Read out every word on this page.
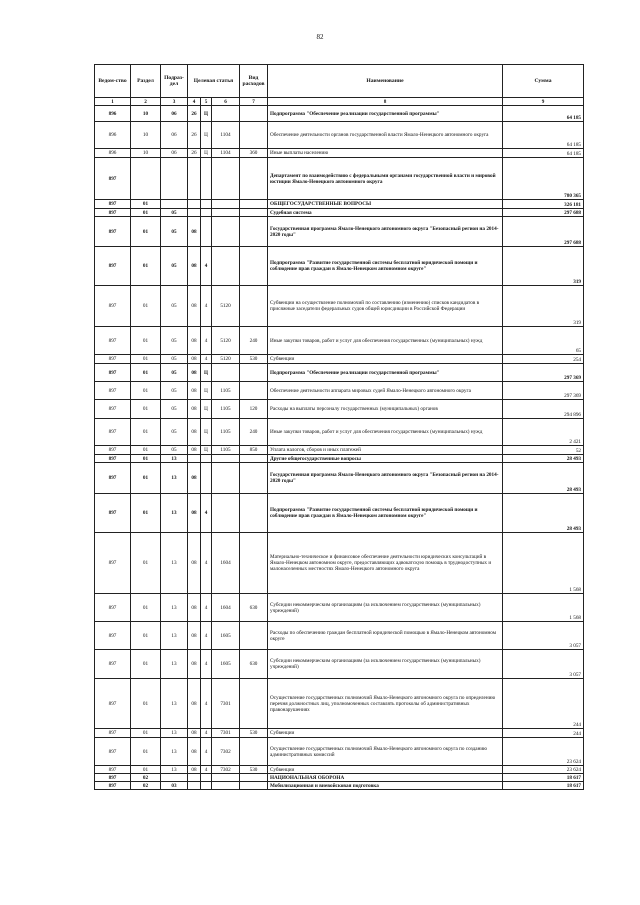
82
Ведом-ство	Раздел	Подраз-дел	Целевая статья			Вид расходов	Наименование	Сумма
1	2	3	4	5	6	7	8	9
896	10	06	26	Ц			Подпрограмма "Обеспечение реализации государственной программы"	64 185
896	10	06	26	Ц	1104		Обеспечение деятельности органов государственной власти Ямало-Ненецкого автономного округа	64 185
896	10	06	26	Ц	1104	360	Иные выплаты населению	64 185
897							Департамент по взаимодействию с федеральными органами государственной власти и мировой юстиции Ямало-Ненецкого автономного округа	780 365
897	01						ОБЩЕГОСУДАРСТВЕННЫЕ ВОПРОСЫ	326 181
897	01	05					Судебная система	297 688
897	01	05	08				Государственная программа Ямало-Ненецкого автономного округа "Безопасный регион на 2014-2020 годы"	297 688
897	01	05	08	4			Подпрограмма "Развитие государственной системы бесплатной юридической помощи и соблюдение прав граждан в Ямало-Ненецком автономном округе"	319
897	01	05	08	4	5120		Субвенции на осуществление полномочий по составлению (изменению) списков кандидатов в присяжные заседатели федеральных судов общей юрисдикции в Российской Федерации	319
897	01	05	08	4	5120	240	Иные закупки товаров, работ и услуг для обеспечения государственных (муниципальных) нужд	65
897	01	05	08	4	5120	530	Субвенции	254
897	01	05	08	Ц			Подпрограмма "Обеспечение реализации государственной программы"	297 369
897	01	05	08	Ц	1105		Обеспечение деятельности аппарата мировых судей Ямало-Ненецкого автономного округа	297 369
897	01	05	08	Ц	1105	120	Расходы на выплаты персоналу государственных (муниципальных) органов	294 896
897	01	05	08	Ц	1105	240	Иные закупки товаров, работ и услуг для обеспечения государственных (муниципальных) нужд	2 421
897	01	05	08	Ц	1105	850	Уплата налогов, сборов и иных платежей	52
897	01	13					Другие общегосударственные вопросы	28 493
897	01	13	08				Государственная программа Ямало-Ненецкого автономного округа "Безопасный регион на 2014-2020 годы"	28 493
897	01	13	08	4			Подпрограмма "Развитие государственной системы бесплатной юридической помощи и соблюдение прав граждан в Ямало-Ненецком автономном округе"	28 493
897	01	13	08	4	1604		Материально-техническое и финансовое обеспечение деятельности юридических консультаций в Ямало-Ненецком автономном округе, предоставляющих адвокатскую помощь в труднодоступных и малонаселенных местностях Ямало-Ненецкого автономного округа	1 568
897	01	13	08	4	1604	630	Субсидии некоммерческим организациям (за исключением государственных (муниципальных) учреждений)	1 568
897	01	13	08	4	1605		Расходы по обеспечению граждан бесплатной юридической помощью в Ямало-Ненецком автономном округе	3 057
897	01	13	08	4	1605	630	Субсидии некоммерческим организациям (за исключением государственных (муниципальных) учреждений)	3 057
897	01	13	08	4	7301		Осуществление государственных полномочий Ямало-Ненецкого автономного округа по определению перечня должностных лиц, уполномоченных составлять протоколы об административных правонарушениях	244
897	01	13	08	4	7301	530	Субвенции	244
897	01	13	08	4	7302		Осуществление государственных полномочий Ямало-Ненецкого автономного округа по созданию административных комиссий	23 624
897	01	13	08	4	7302	530	Субвенции	23 624
897	02						НАЦИОНАЛЬНАЯ ОБОРОНА	18 617
897	02	03					Мобилизационная и вневойсковая подготовка	18 617
